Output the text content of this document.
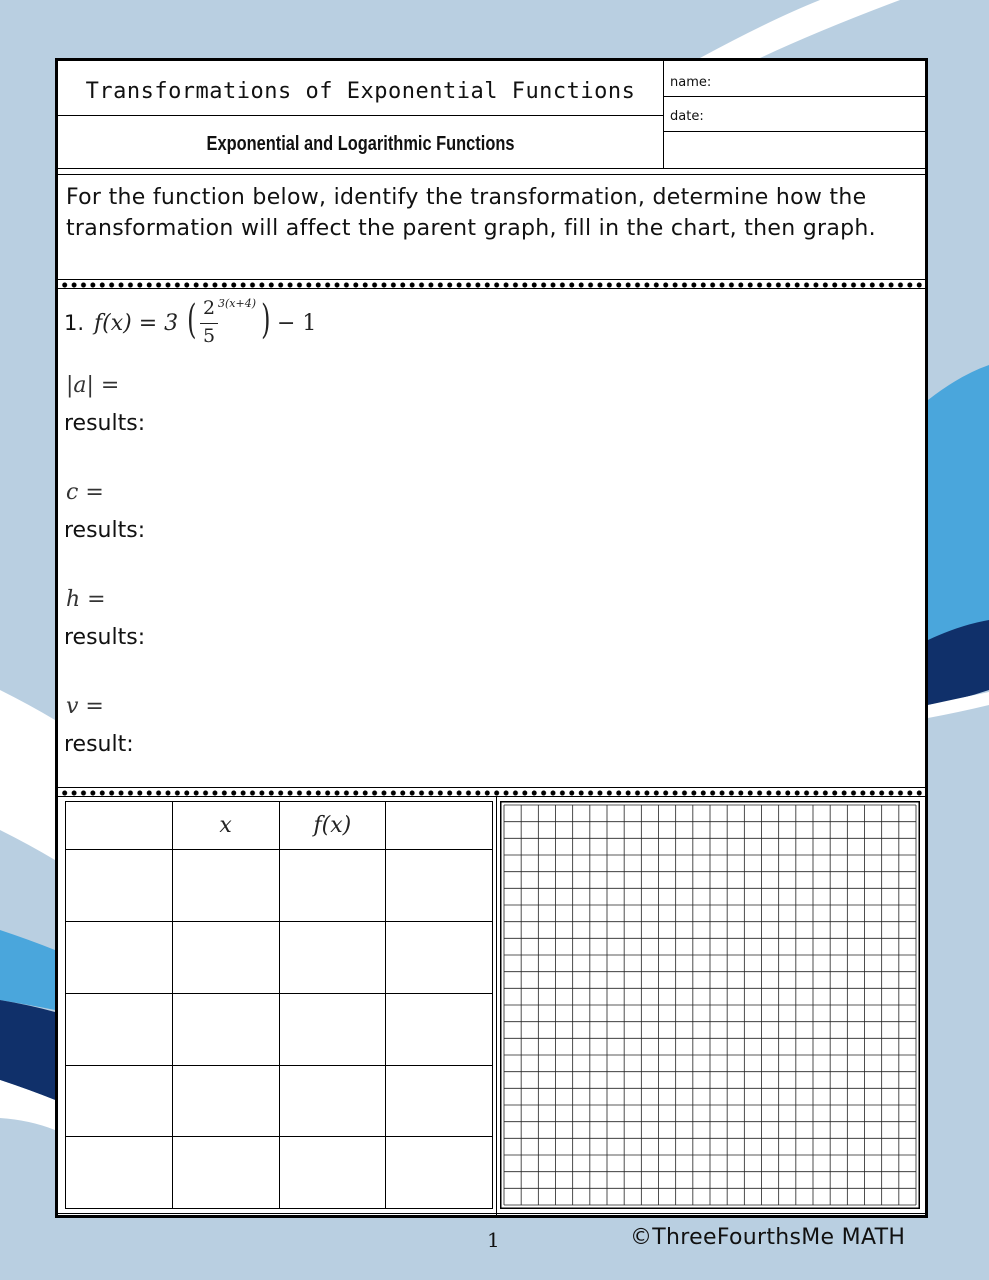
Transformations of Exponential Functions
Exponential and Logarithmic Functions
name:
date:
For the function below, identify the transformation, determine how the transformation will affect the parent graph, fill in the chart, then graph.
1. f(x) = 3 ( 2
5
3(x+4) ) − 1
|a| =
results:
c =
results:
h =
results:
v =
result:
	x	f(x)	

1	©ThreeFourthsMe MATH
